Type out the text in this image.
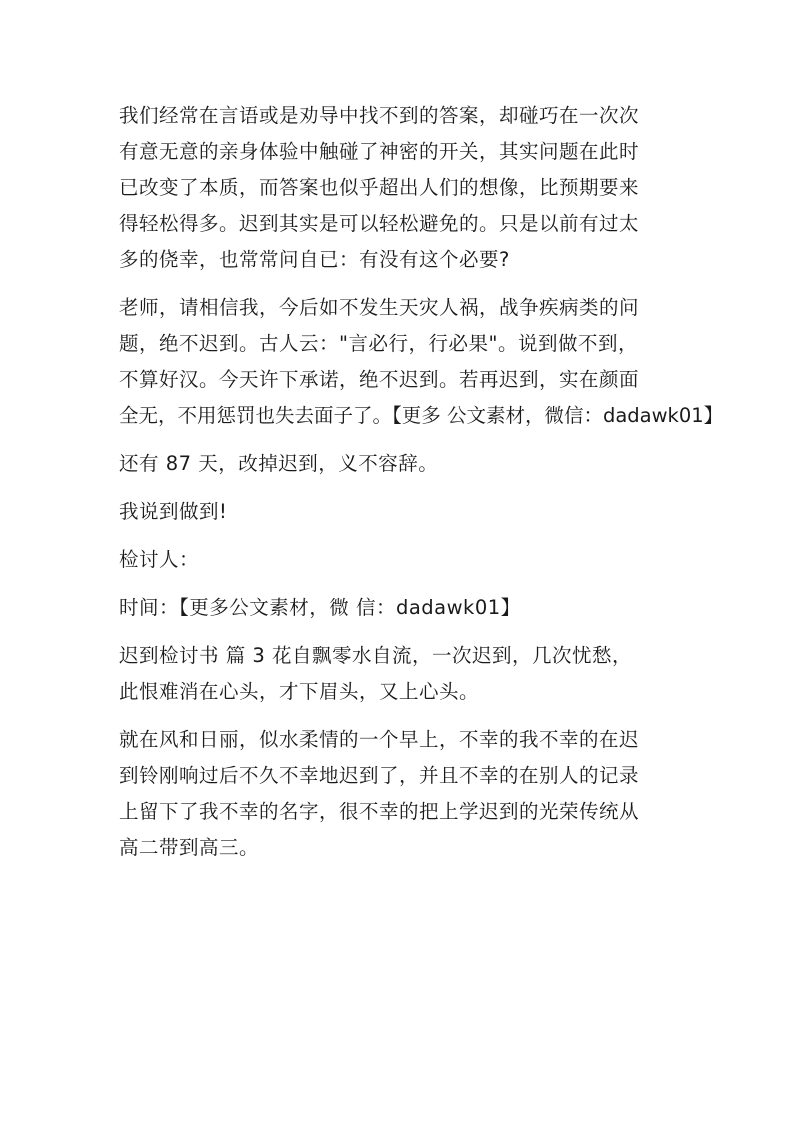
我们经常在言语或是劝导中找不到的答案，却碰巧在一次次
有意无意的亲身体验中触碰了神密的开关，其实问题在此时
已改变了本质，而答案也似乎超出人们的想像，比预期要来
得轻松得多。迟到其实是可以轻松避免的。只是以前有过太
多的侥幸，也常常问自已：有没有这个必要?

老师，请相信我，今后如不发生天灾人祸，战争疾病类的问
题，绝不迟到。古人云："言必行，行必果"。说到做不到，
不算好汉。今天许下承诺，绝不迟到。若再迟到，实在颜面
全无，不用惩罚也失去面子了。【更多 公文素材，微信：dadawk01】

还有 87 天，改掉迟到，义不容辞。

我说到做到!

检讨人：

时间：【更多公文素材，微 信：dadawk01】

迟到检讨书 篇 3 花自飘零水自流，一次迟到，几次忧愁，
此恨难消在心头，才下眉头，又上心头。

就在风和日丽，似水柔情的一个早上，不幸的我不幸的在迟
到铃刚响过后不久不幸地迟到了，并且不幸的在别人的记录
上留下了我不幸的名字，很不幸的把上学迟到的光荣传统从
高二带到高三。
